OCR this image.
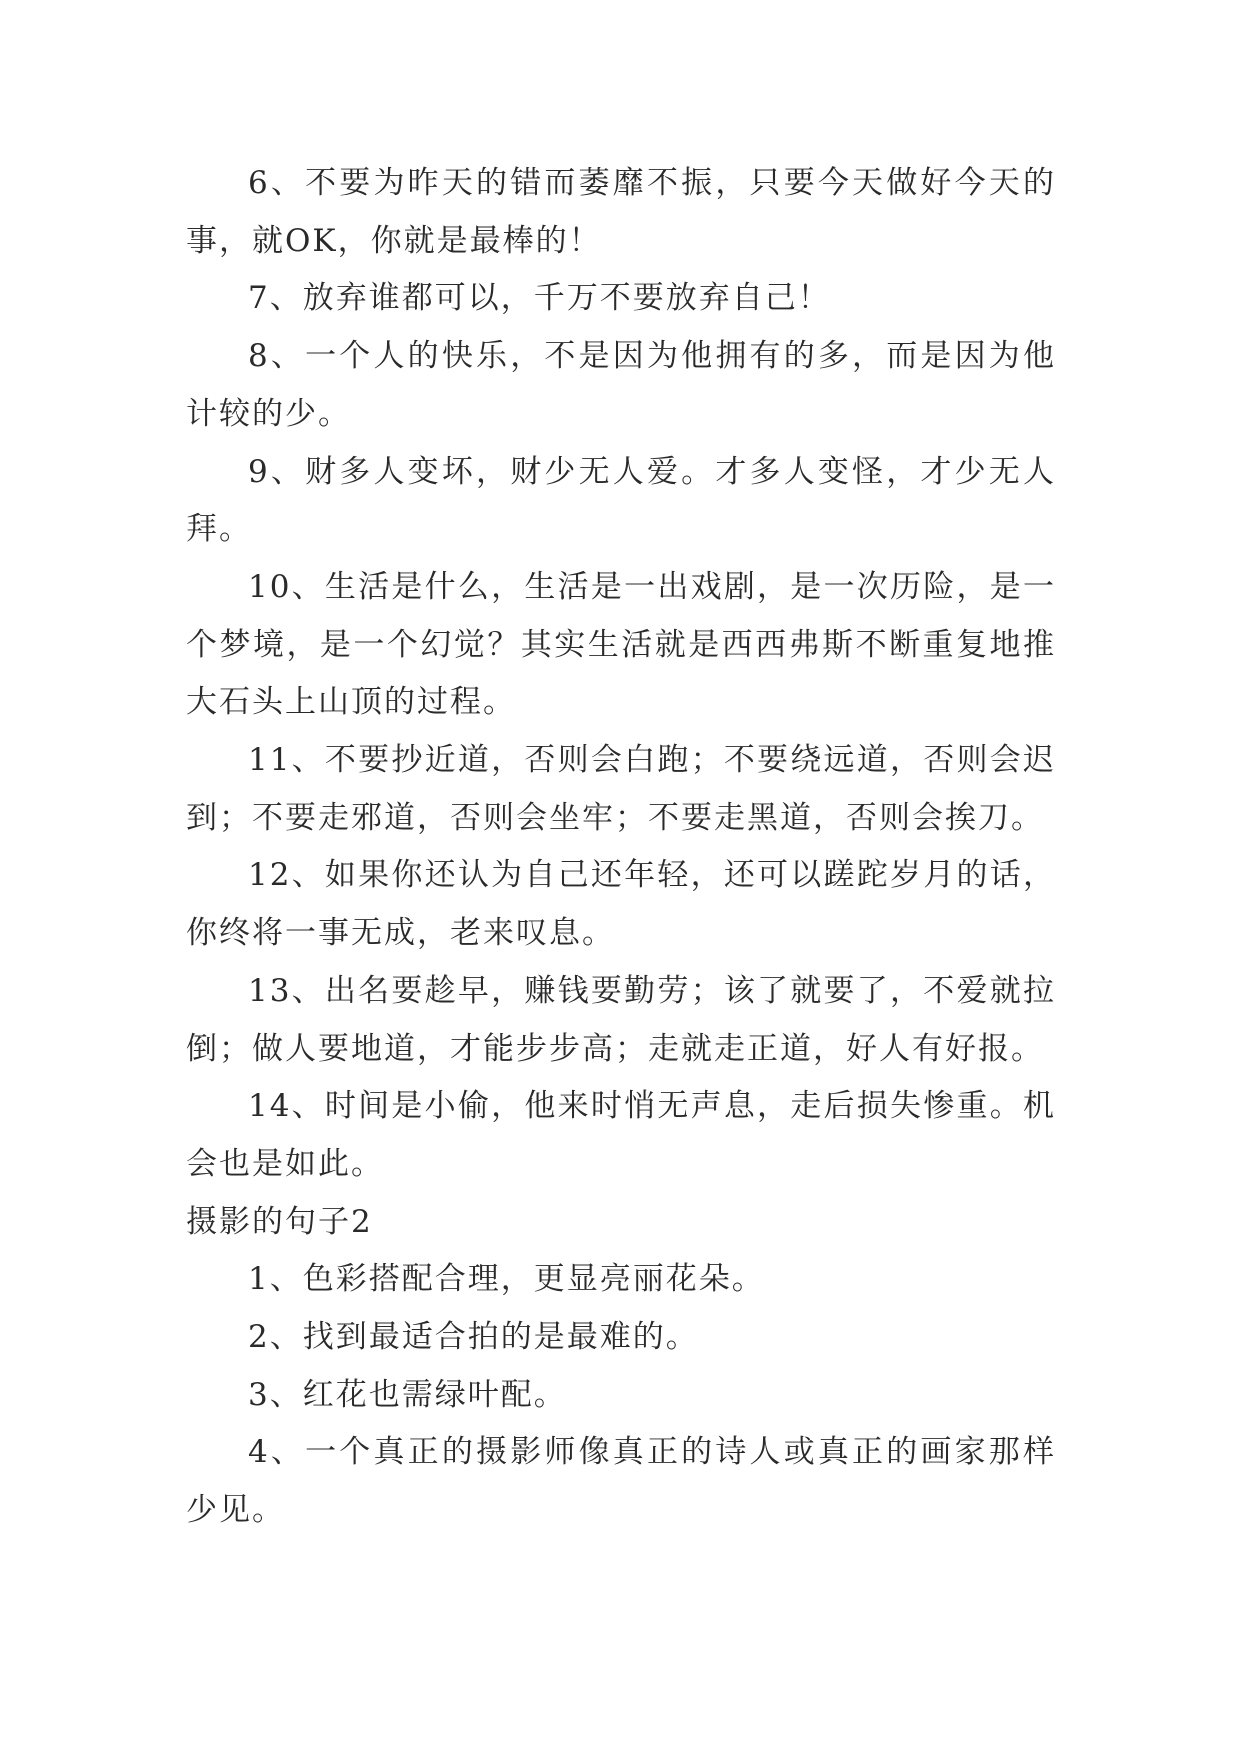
6、不要为昨天的错而萎靡不振，只要今天做好今天的事，就OK，你就是最棒的！

7、放弃谁都可以，千万不要放弃自己！

8、一个人的快乐，不是因为他拥有的多，而是因为他计较的少。

9、财多人变坏，财少无人爱。才多人变怪，才少无人拜。

10、生活是什么，生活是一出戏剧，是一次历险，是一个梦境，是一个幻觉？其实生活就是西西弗斯不断重复地推大石头上山顶的过程。

11、不要抄近道，否则会白跑；不要绕远道，否则会迟到；不要走邪道，否则会坐牢；不要走黑道，否则会挨刀。

12、如果你还认为自己还年轻，还可以蹉跎岁月的话，你终将一事无成，老来叹息。

13、出名要趁早，赚钱要勤劳；该了就要了，不爱就拉倒；做人要地道，才能步步高；走就走正道，好人有好报。

14、时间是小偷，他来时悄无声息，走后损失惨重。机会也是如此。

摄影的句子2

1、色彩搭配合理，更显亮丽花朵。

2、找到最适合拍的是最难的。

3、红花也需绿叶配。

4、一个真正的摄影师像真正的诗人或真正的画家那样少见。
